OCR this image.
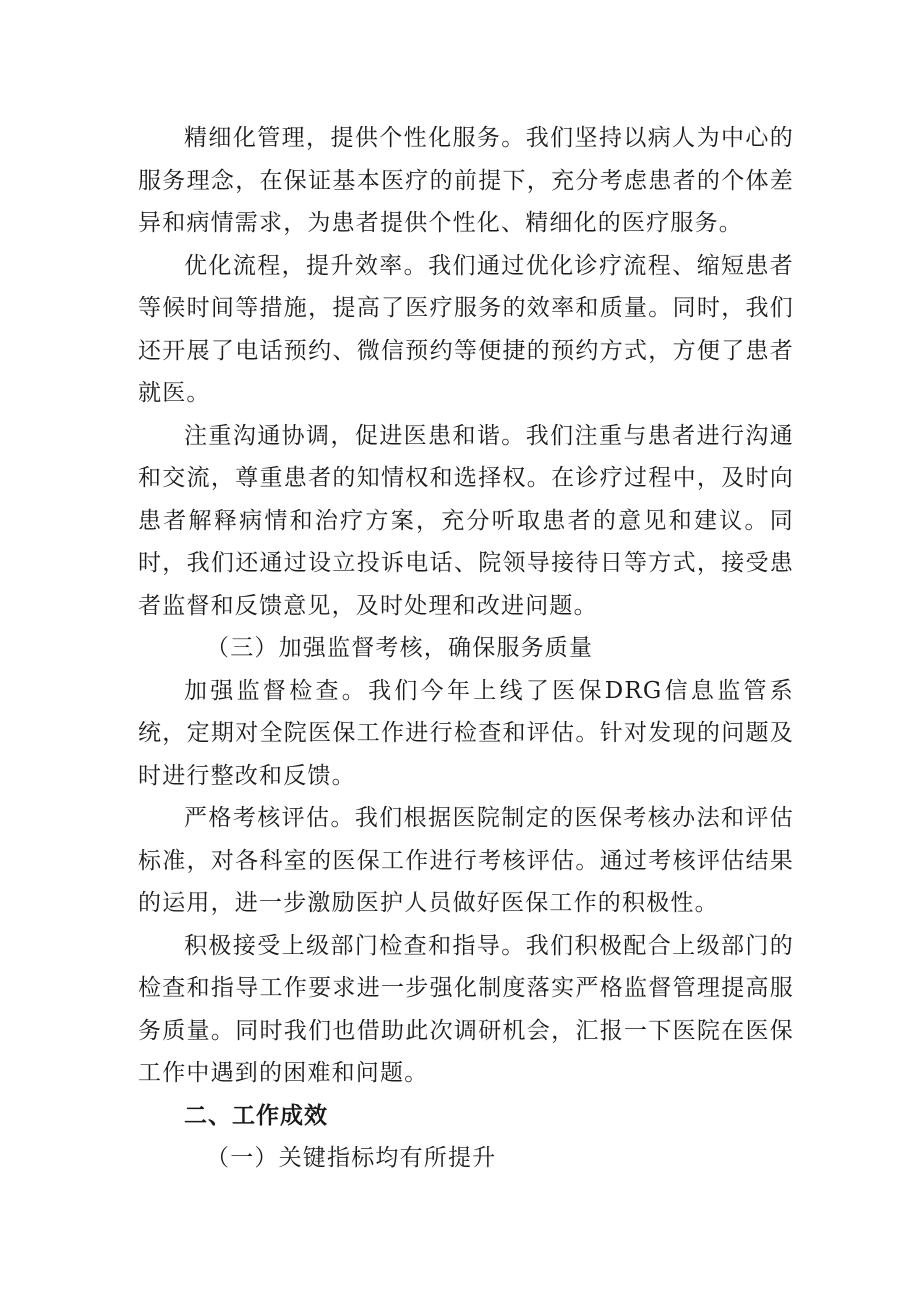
精细化管理，提供个性化服务。我们坚持以病人为中心的服务理念，在保证基本医疗的前提下，充分考虑患者的个体差异和病情需求，为患者提供个性化、精细化的医疗服务。

优化流程，提升效率。我们通过优化诊疗流程、缩短患者等候时间等措施，提高了医疗服务的效率和质量。同时，我们还开展了电话预约、微信预约等便捷的预约方式，方便了患者就医。

注重沟通协调，促进医患和谐。我们注重与患者进行沟通和交流，尊重患者的知情权和选择权。在诊疗过程中，及时向患者解释病情和治疗方案，充分听取患者的意见和建议。同时，我们还通过设立投诉电话、院领导接待日等方式，接受患者监督和反馈意见，及时处理和改进问题。

（三）加强监督考核，确保服务质量

加强监督检查。我们今年上线了医保DRG信息监管系统，定期对全院医保工作进行检查和评估。针对发现的问题及时进行整改和反馈。

严格考核评估。我们根据医院制定的医保考核办法和评估标准，对各科室的医保工作进行考核评估。通过考核评估结果的运用，进一步激励医护人员做好医保工作的积极性。

积极接受上级部门检查和指导。我们积极配合上级部门的检查和指导工作要求进一步强化制度落实严格监督管理提高服务质量。同时我们也借助此次调研机会，汇报一下医院在医保工作中遇到的困难和问题。

二、工作成效

（一）关键指标均有所提升
